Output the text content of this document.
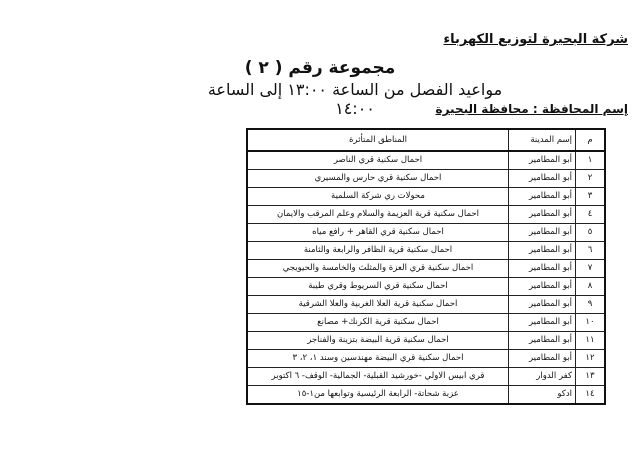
شركة البحيرة لتوزيع الكهرباء
مجموعة رقم ( ٢ )
مواعيد الفصل من الساعة ١٣:٠٠ إلى الساعة ١٤:٠٠	إسم المحافظة : محافظة البحيرة
م	إسم المدينة	المناطق المتأثرة
١	أبو المطامير	احمال سكنية قري الناصر
٢	أبو المطامير	احمال سكنية قري حارس والمسيري
٣	أبو المطامير	محولات ري شركة السلمية
٤	أبو المطامير	احمال سكنية قرية العزيمة والسلام وعلم المرقب والايمان
٥	أبو المطامير	احمال سكنية قري القاهر + رافع مياه
٦	أبو المطامير	احمال سكنية قرية الظافر والرابعة والثامنة
٧	أبو المطامير	احمال سكنية قري العزة والمثلث والخامسة والحيويجي
٨	أبو المطامير	احمال سكنية قري السريوط وقري طيبة
٩	أبو المطامير	احمال سكنية قرية العلا الغربية والعلا الشرقية
١٠	أبو المطامير	احمال سكنية قرية الكرنك+ مصانع
١١	أبو المطامير	احمال سكنية قرية البيضة بتزينة والفناجر
١٢	أبو المطامير	احمال سكنية قري البيضة مهندسين وسند ١، ٢، ٣
١٣	كفر الدوار	قري ابيس الاولي -خورشيد القبلية- الجمالية- الوقف- ٦ اكتوبر
١٤	ادكو	عزبة شحاتة- الرابعة الرئيسية وتوابعها من١-١٥
